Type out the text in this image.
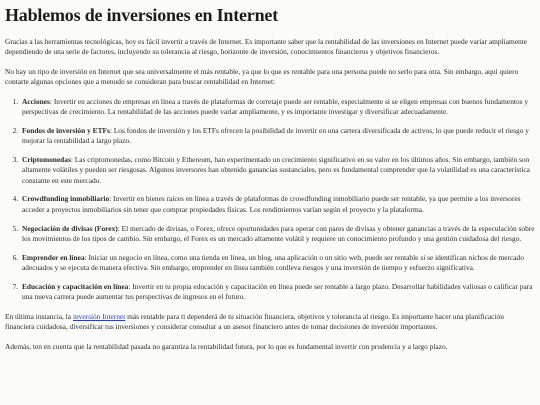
Hablemos de inversiones en Internet

Gracias a las herramientas tecnológicas, hoy es fácil invertir a través de Internet. Es importante saber que la rentabilidad de las inversiones en Internet puede variar ampliamente dependiendo de una serie de factores, incluyendo su tolerancia al riesgo, horizonte de inversión, conocimientos financieros y objetivos financieros.

No hay un tipo de inversión en Internet que sea universalmente el más rentable, ya que lo que es rentable para una persona puede no serlo para otra. Sin embargo, aquí quiero contarte algunas opciones que a menudo se consideran para buscar rentabilidad en Internet:

1. Acciones: Invertir en acciones de empresas en línea a través de plataformas de corretaje puede ser rentable, especialmente si se eligen empresas con buenos fundamentos y perspectivas de crecimiento. La rentabilidad de las acciones puede variar ampliamente, y es importante investigar y diversificar adecuadamente.
2. Fondos de inversión y ETFs: Los fondos de inversión y los ETFs ofrecen la posibilidad de invertir en una cartera diversificada de activos, lo que puede reducir el riesgo y mejorar la rentabilidad a largo plazo.
3. Criptomonedas: Las criptomonedas, como Bitcoin y Ethereum, han experimentado un crecimiento significativo en su valor en los últimos años. Sin embargo, también son altamente volátiles y pueden ser riesgosas. Algunos inversores han obtenido ganancias sustanciales, pero es fundamental comprender que la volatilidad es una característica constante en este mercado.
4. Crowdfunding inmobiliario: Invertir en bienes raíces en línea a través de plataformas de crowdfunding inmobiliario puede ser rentable, ya que permite a los inversores acceder a proyectos inmobiliarios sin tener que comprar propiedades físicas. Los rendimientos varían según el proyecto y la plataforma.
5. Negociación de divisas (Forex): El mercado de divisas, o Forex, ofrece oportunidades para operar con pares de divisas y obtener ganancias a través de la especulación sobre los movimientos de los tipos de cambio. Sin embargo, el Forex es un mercado altamente volátil y requiere un conocimiento profundo y una gestión cuidadosa del riesgo.
6. Emprender en línea: Iniciar un negocio en línea, como una tienda en línea, un blog, una aplicación o un sitio web, puede ser rentable si se identifican nichos de mercado adecuados y se ejecuta de manera efectiva. Sin embargo, emprender en línea también conlleva riesgos y una inversión de tiempo y esfuerzo significativa.
7. Educación y capacitación en línea: Invertir en tu propia educación y capacitación en línea puede ser rentable a largo plazo. Desarrollar habilidades valiosas o calificar para una nueva carrera puede aumentar tus perspectivas de ingresos en el futuro.

En última instancia, la inversión Internet más rentable para ti dependerá de tu situación financiera, objetivos y tolerancia al riesgo. Es importante hacer una planificación financiera cuidadosa, diversificar tus inversiones y considerar consultar a un asesor financiero antes de tomar decisiones de inversión importantes.

Además, ten en cuenta que la rentabilidad pasada no garantiza la rentabilidad futura, por lo que es fundamental invertir con prudencia y a largo plazo.
